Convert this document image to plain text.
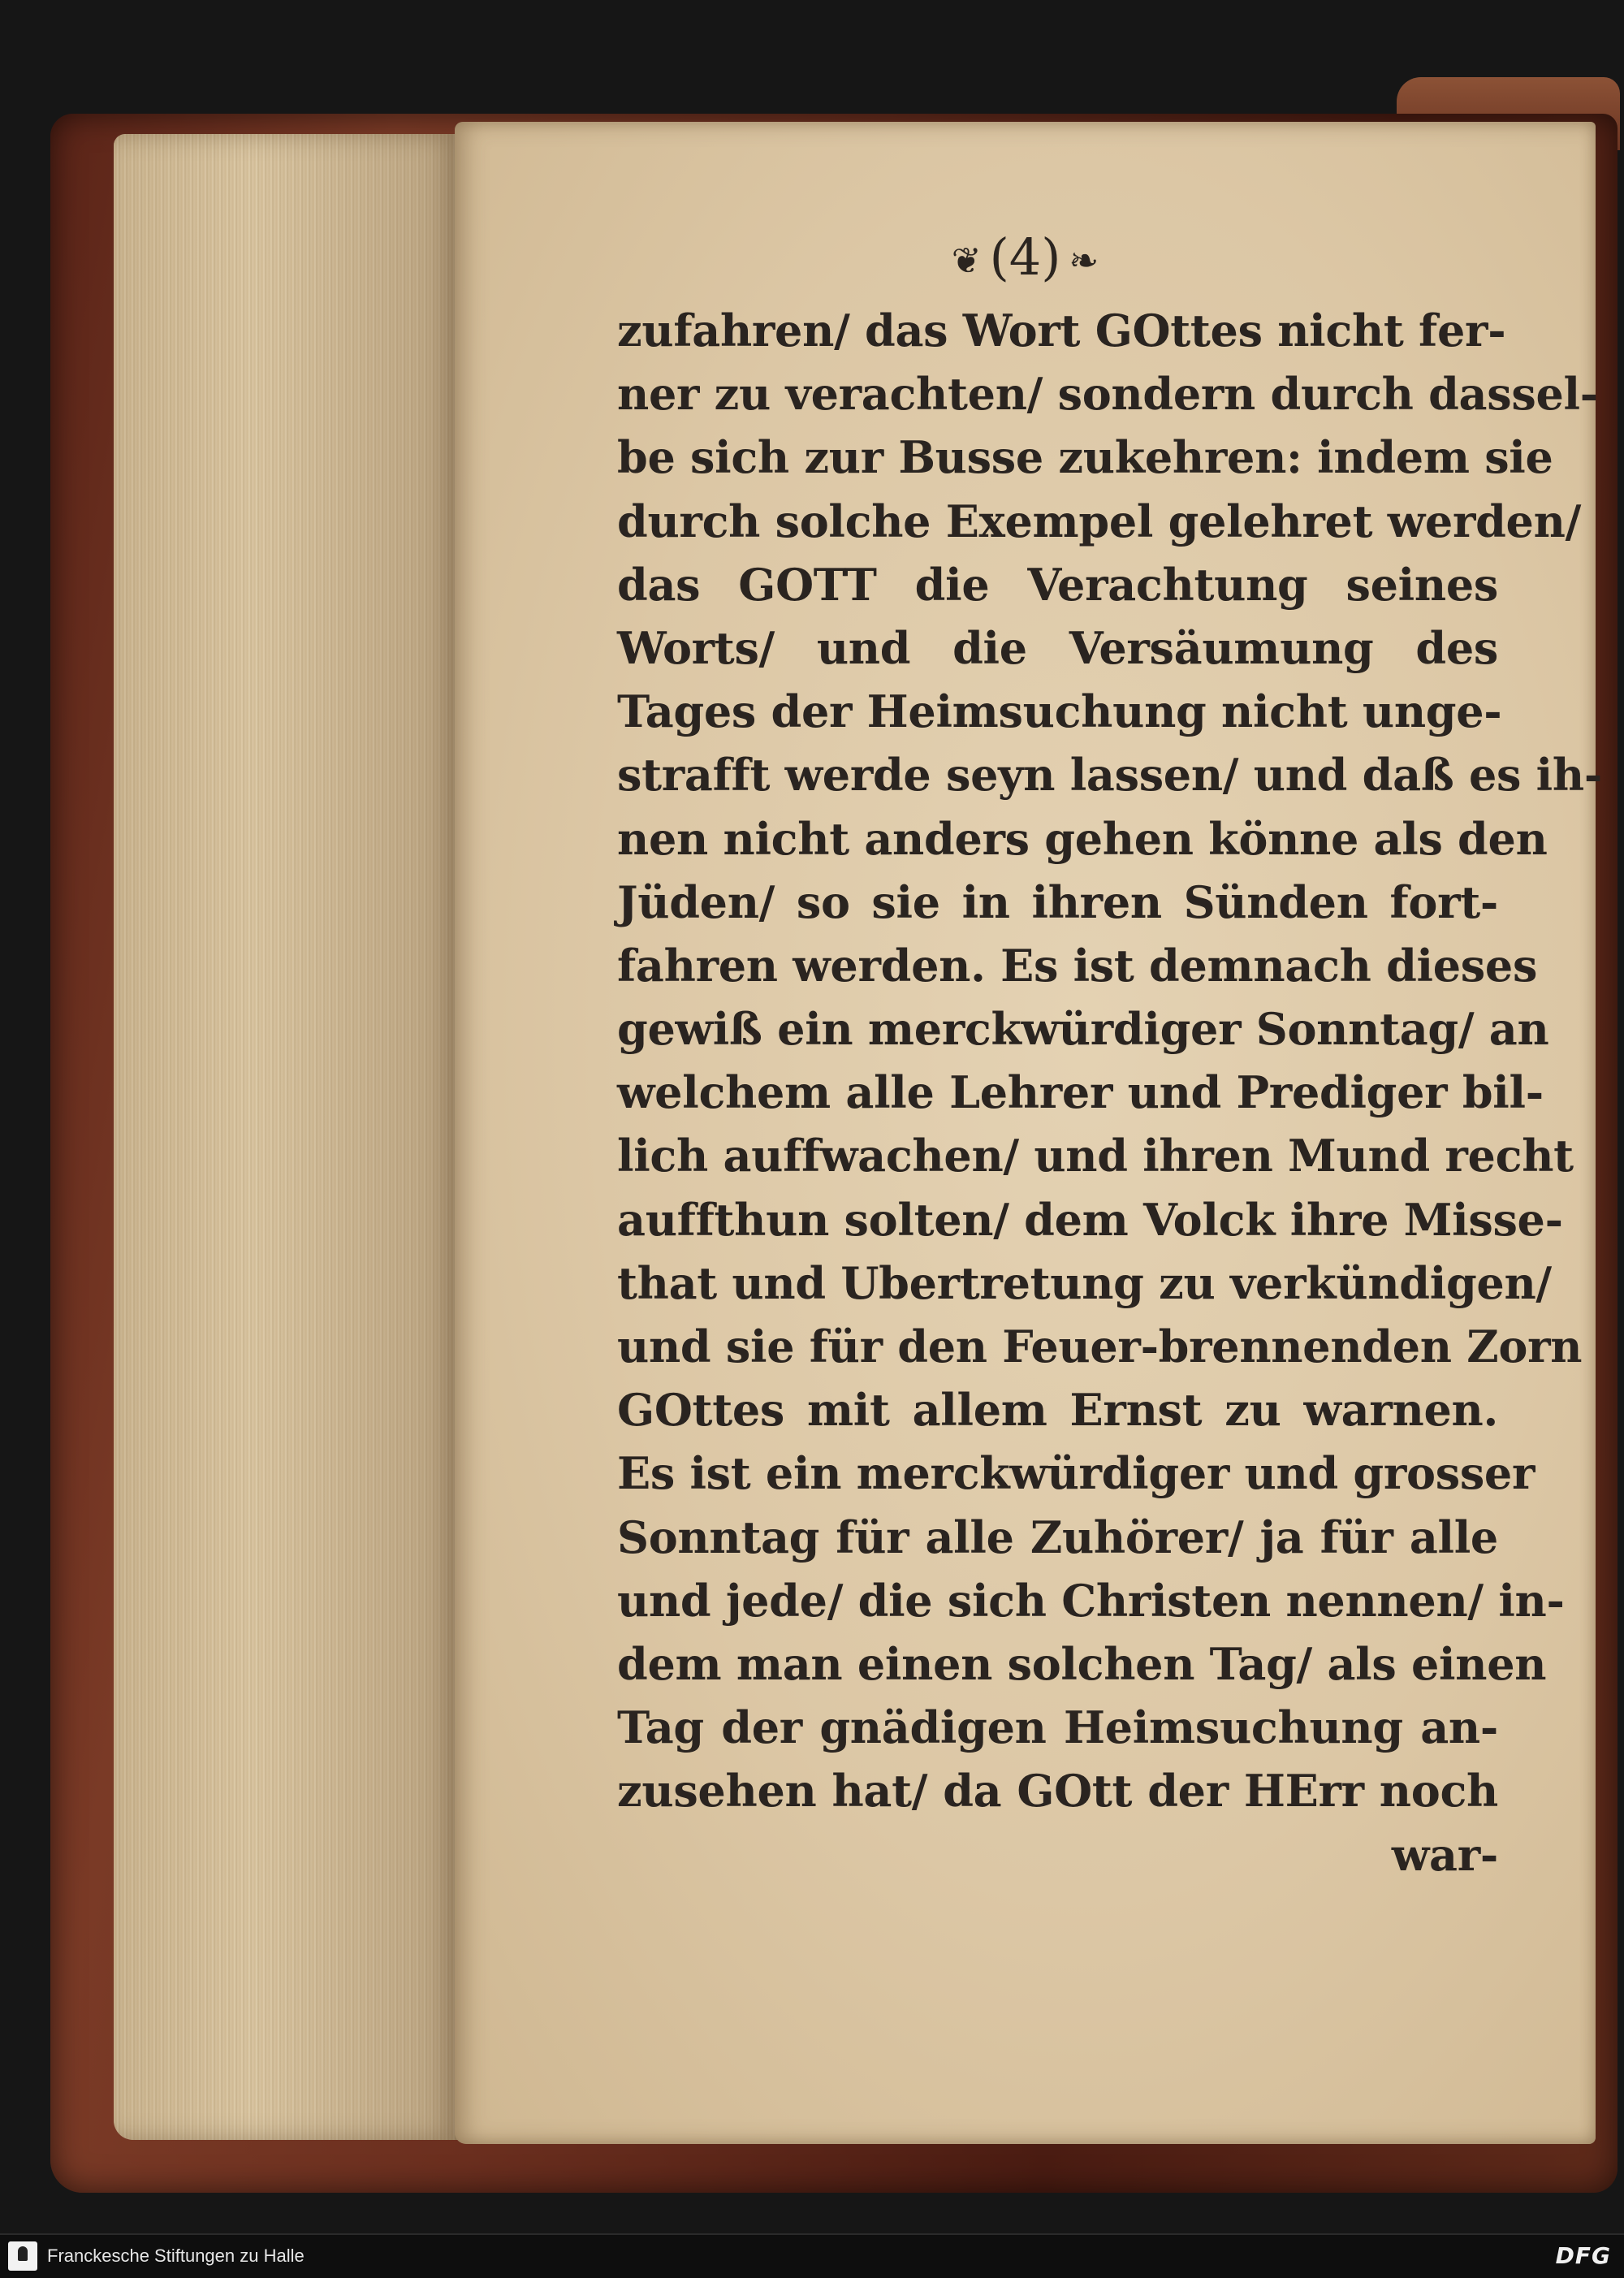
❦ (4) ❧
zufahren/ das Wort GOttes nicht fer-
ner zu verachten/ sondern durch dassel-
be sich zur Busse zukehren: indem sie
durch solche Exempel gelehret werden/
das GOTT die Verachtung seines
Worts/ und die Versäumung des
Tages der Heimsuchung nicht unge-
strafft werde seyn lassen/ und daß es ih-
nen nicht anders gehen könne als den
Jüden/ so sie in ihren Sünden fort-
fahren werden. Es ist demnach dieses
gewiß ein merckwürdiger Sonntag/ an
welchem alle Lehrer und Prediger bil-
lich auffwachen/ und ihren Mund recht
auffthun solten/ dem Volck ihre Misse-
that und Ubertretung zu verkündigen/
und sie für den Feuer-brennenden Zorn
GOttes mit allem Ernst zu warnen.
Es ist ein merckwürdiger und grosser
Sonntag für alle Zuhörer/ ja für alle
und jede/ die sich Christen nennen/ in-
dem man einen solchen Tag/ als einen
Tag der gnädigen Heimsuchung an-
zusehen hat/ da GOtt der HErr noch
war-
Franckesche Stiftungen zu Halle	DFG
